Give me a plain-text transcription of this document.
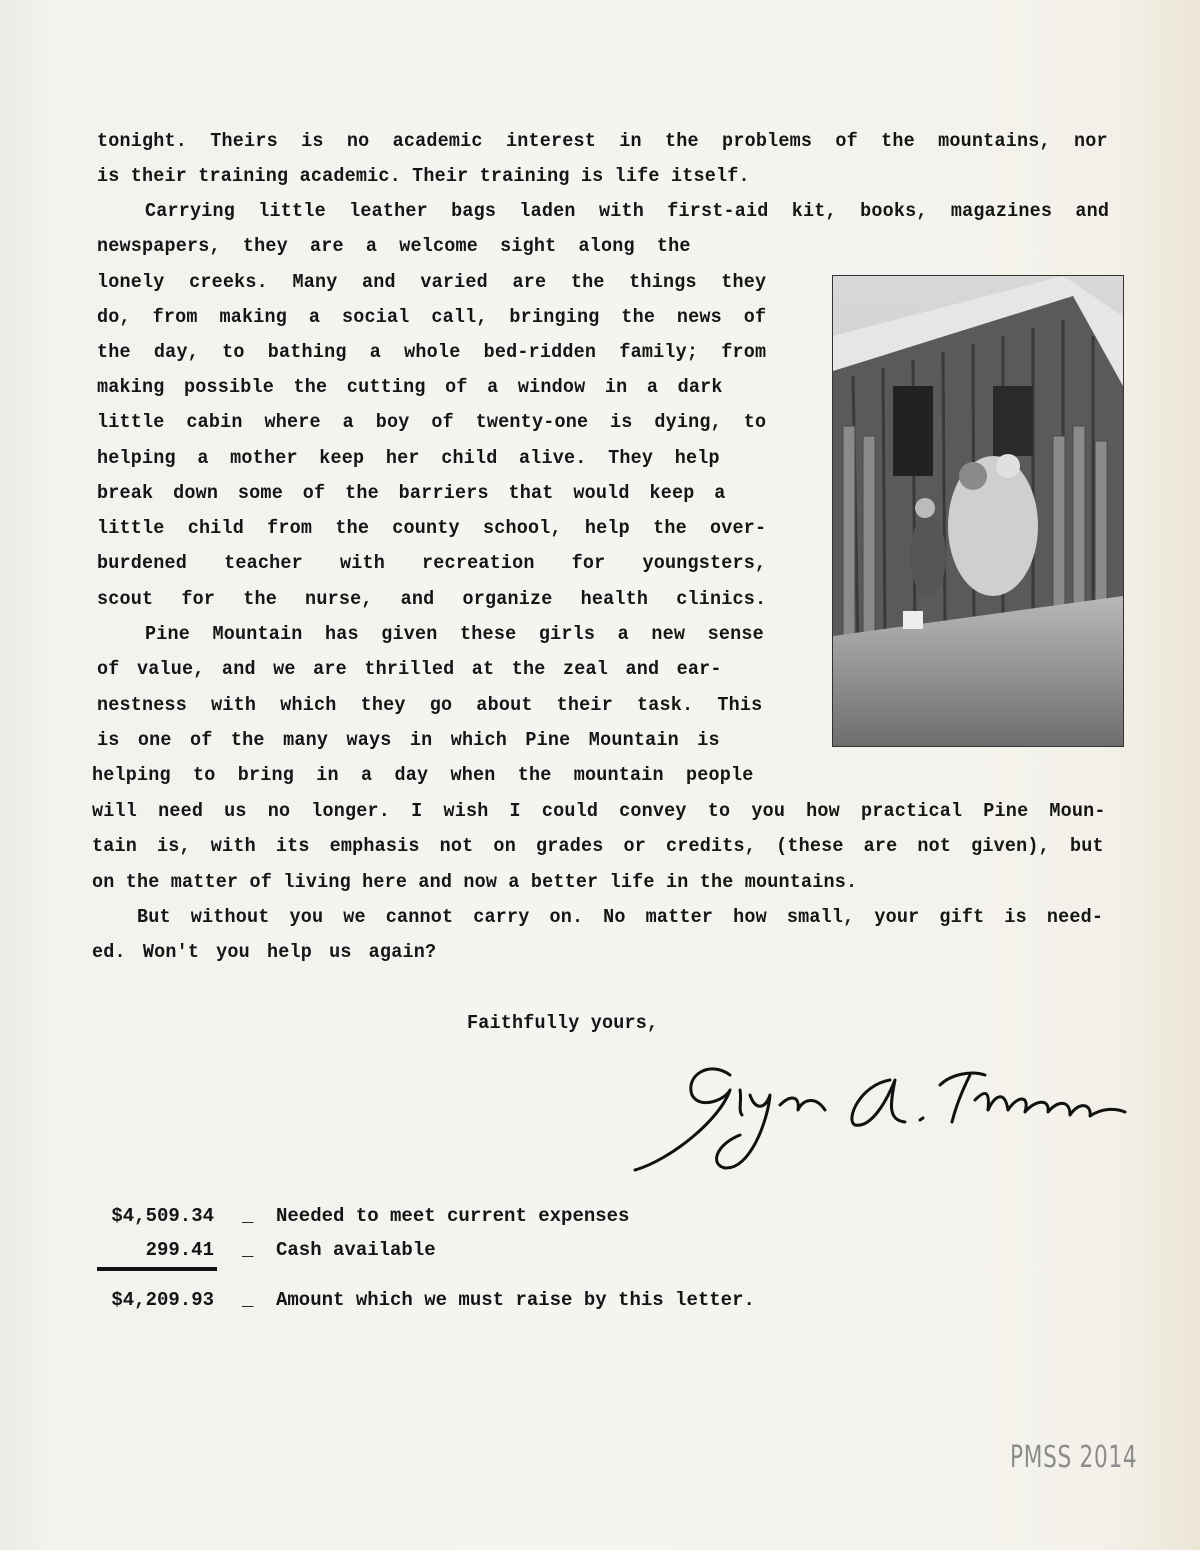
tonight. Theirs is no academic interest in the problems of the mountains, nor
is their training academic. Their training is life itself.
Carrying little leather bags laden with first-aid kit, books, magazines and
newspapers, they are a welcome sight along the
lonely creeks. Many and varied are the things they
do, from making a social call, bringing the news of
the day, to bathing a whole bed-ridden family; from
making possible the cutting of a window in a dark
little cabin where a boy of twenty-one is dying, to
helping a mother keep her child alive. They help
break down some of the barriers that would keep a
little child from the county school, help the over-
burdened teacher with recreation for youngsters,
scout for the nurse, and organize health clinics.
Pine Mountain has given these girls a new sense
of value, and we are thrilled at the zeal and ear-
nestness with which they go about their task. This
is one of the many ways in which Pine Mountain is
helping to bring in a day when the mountain people
will need us no longer. I wish I could convey to you how practical Pine Moun-
tain is, with its emphasis not on grades or credits, (these are not given), but
on the matter of living here and now a better life in the mountains.
But without you we cannot carry on. No matter how small, your gift is need-
ed. Won't you help us again?
Faithfully yours,
$4,509.34 _ Needed to meet current expenses
299.41 _ Cash available
$4,209.93 _ Amount which we must raise by this letter.
PMSS 2014
